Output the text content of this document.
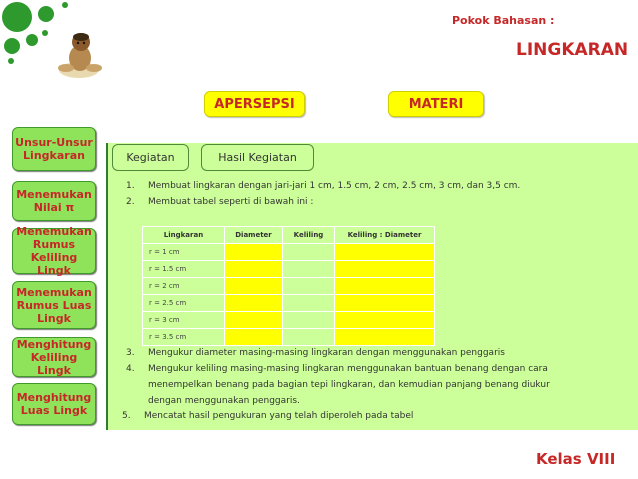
Pokok Bahasan :
LINGKARAN
APERSEPSI	MATERI
Unsur-Unsur Lingkaran
Menemukan Nilai π
Menemukan Rumus Keliling Lingk
Menemukan Rumus Luas Lingk
Menghitung Keliling Lingk
Menghitung Luas Lingk
Kegiatan	Hasil Kegiatan
1. Membuat lingkaran dengan jari-jari 1 cm, 1.5 cm, 2 cm, 2.5 cm, 3 cm, dan 3,5 cm.
2. Membuat tabel seperti di bawah ini :
Lingkaran	Diameter	Keliling	Keliling : Diameter
r = 1 cm			
r = 1.5 cm			
r = 2 cm			
r = 2.5 cm			
r = 3 cm			
r = 3.5 cm			
3. Mengukur diameter masing-masing lingkaran dengan menggunakan penggaris
4. Mengukur keliling masing-masing lingkaran menggunakan bantuan benang dengan cara
menempelkan benang pada bagian tepi lingkaran, dan kemudian panjang benang diukur
dengan menggunakan penggaris.
5. Mencatat hasil pengukuran yang telah diperoleh pada tabel
Kelas VIII
